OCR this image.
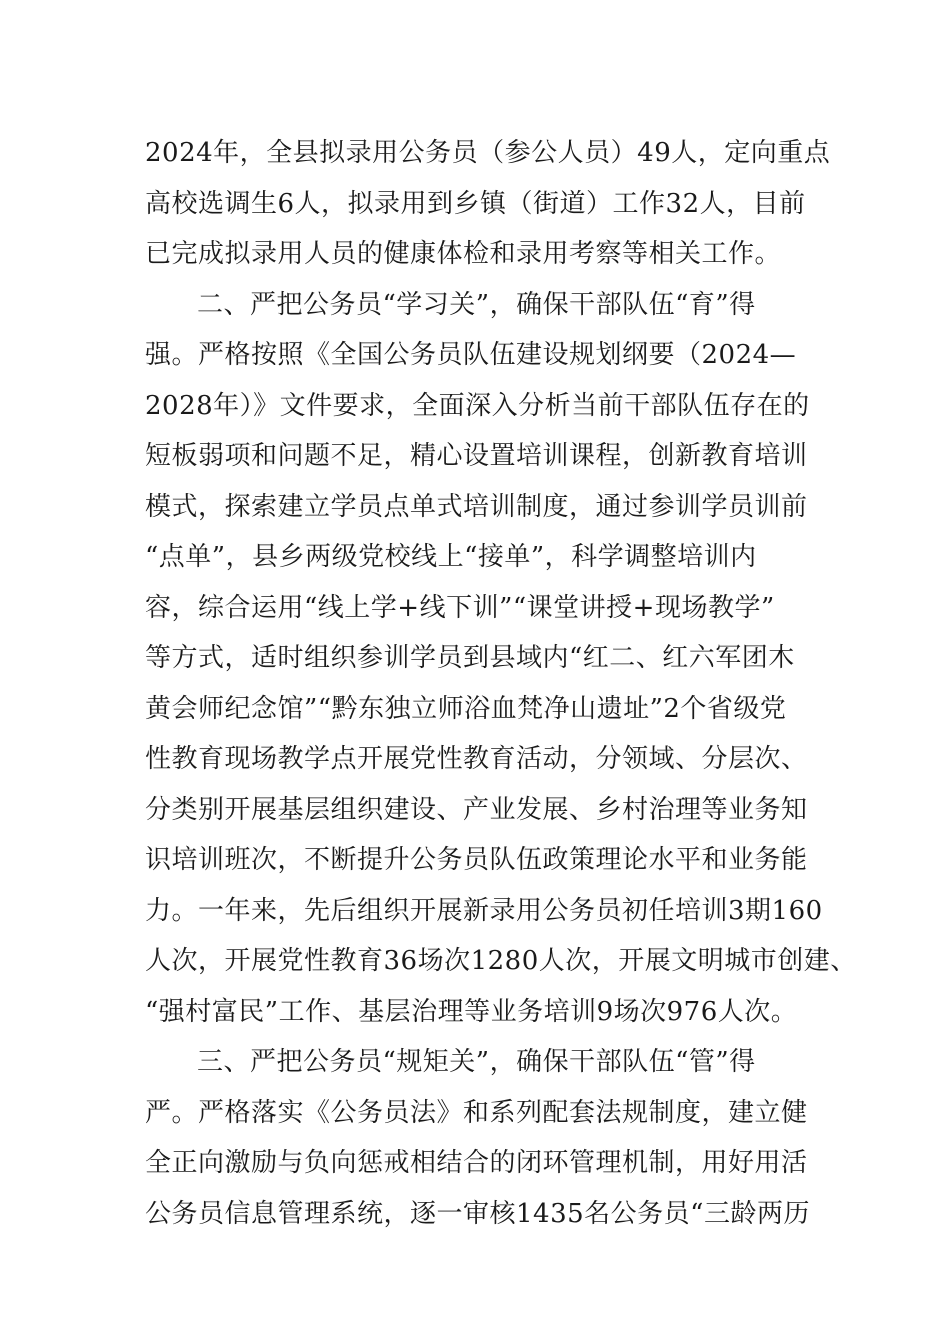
2024年，全县拟录用公务员（参公人员）49人，定向重点
高校选调生6人，拟录用到乡镇（街道）工作32人，目前
已完成拟录用人员的健康体检和录用考察等相关工作。
二、严把公务员“学习关”，确保干部队伍“育”得
强。严格按照《全国公务员队伍建设规划纲要（2024—
2028年）》文件要求，全面深入分析当前干部队伍存在的
短板弱项和问题不足，精心设置培训课程，创新教育培训
模式，探索建立学员点单式培训制度，通过参训学员训前
“点单”，县乡两级党校线上“接单”，科学调整培训内
容，综合运用“线上学+线下训”“课堂讲授+现场教学”
等方式，适时组织参训学员到县域内“红二、红六军团木
黄会师纪念馆”“黔东独立师浴血梵净山遗址”2个省级党
性教育现场教学点开展党性教育活动，分领域、分层次、
分类别开展基层组织建设、产业发展、乡村治理等业务知
识培训班次，不断提升公务员队伍政策理论水平和业务能
力。一年来，先后组织开展新录用公务员初任培训3期160
人次，开展党性教育36场次1280人次，开展文明城市创建、
“强村富民”工作、基层治理等业务培训9场次976人次。
三、严把公务员“规矩关”，确保干部队伍“管”得
严。严格落实《公务员法》和系列配套法规制度，建立健
全正向激励与负向惩戒相结合的闭环管理机制，用好用活
公务员信息管理系统，逐一审核1435名公务员“三龄两历
